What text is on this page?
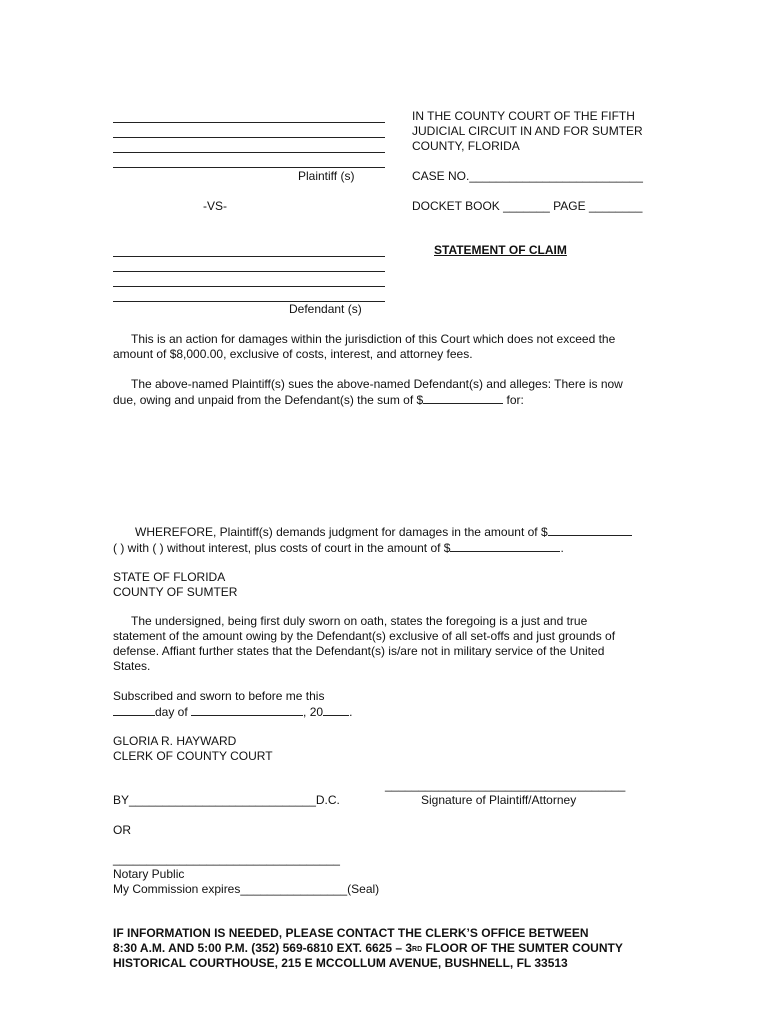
Plaintiff (s)
IN THE COUNTY COURT OF THE FIFTH
JUDICIAL CIRCUIT IN AND FOR SUMTER
COUNTY, FLORIDA
CASE NO.__________________________
-VS-	DOCKET BOOK _______ PAGE ________
STATEMENT OF CLAIM
Defendant (s)
This is an action for damages within the jurisdiction of this Court which does not exceed the amount of $8,000.00, exclusive of costs, interest, and attorney fees.
The above-named Plaintiff(s) sues the above-named Defendant(s) and alleges: There is now due, owing and unpaid from the Defendant(s) the sum of $	for:
WHEREFORE, Plaintiff(s) demands judgment for damages in the amount of $
( ) with ( ) without interest, plus costs of court in the amount of $	.
STATE OF FLORIDA
COUNTY OF SUMTER
The undersigned, being first duly sworn on oath, states the foregoing is a just and true statement of the amount owing by the Defendant(s) exclusive of all set-offs and just grounds of defense. Affiant further states that the Defendant(s) is/are not in military service of the United States.
Subscribed and sworn to before me this
day of	, 20 .
GLORIA R. HAYWARD
CLERK OF COUNTY COURT
____________________________________
BY____________________________D.C.	Signature of Plaintiff/Attorney
OR
__________________________________
Notary Public
My Commission expires________________(Seal)
IF INFORMATION IS NEEDED, PLEASE CONTACT THE CLERK’S OFFICE BETWEEN
8:30 A.M. AND 5:00 P.M. (352) 569-6810 EXT. 6625 – 3RD FLOOR OF THE SUMTER COUNTY
HISTORICAL COURTHOUSE, 215 E MCCOLLUM AVENUE, BUSHNELL, FL 33513
